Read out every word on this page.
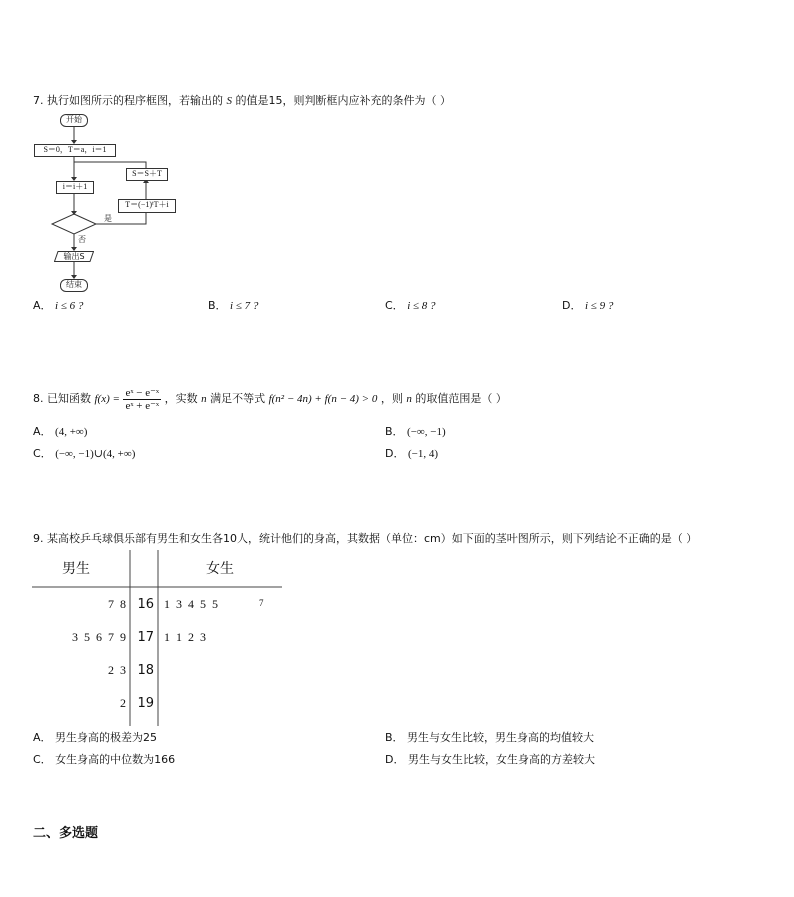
7. 执行如图所示的程序框图，若输出的 S 的值是15，则判断框内应补充的条件为（ ）
开始
S＝0，T＝a，i＝1
i＝i＋1
S＝S＋T
T＝(−1)ⁱT＋i
是
否
输出S
结束
A． i ≤ 6 ?	B． i ≤ 7 ?	C． i ≤ 8 ?	D． i ≤ 9 ?
8. 已知函数 $f(x) = \frac{\text{eˣ − e⁻ˣ}}{\text{eˣ + e⁻ˣ}}$ ，实数 n 满足不等式 f(n² − 4n) + f(n − 4) > 0 ，则 n 的取值范围是（ ）
A． (4, +∞)	B． (−∞, −1)
C． (−∞, −1)∪(4, +∞)	D． (−1, 4)
9. 某高校乒乓球俱乐部有男生和女生各10人，统计他们的身高，其数据（单位：cm）如下面的茎叶图所示，则下列结论不正确的是（ ）
男生	女生
7  8 16 1  3  4  5  5	7
3  5  6  7  9 17 1  1  2  3
2  3 18
2 19
A． 男生身高的极差为25	B． 男生与女生比较，男生身高的均值较大
C． 女生身高的中位数为166	D． 男生与女生比较，女生身高的方差较大
二、多选题
